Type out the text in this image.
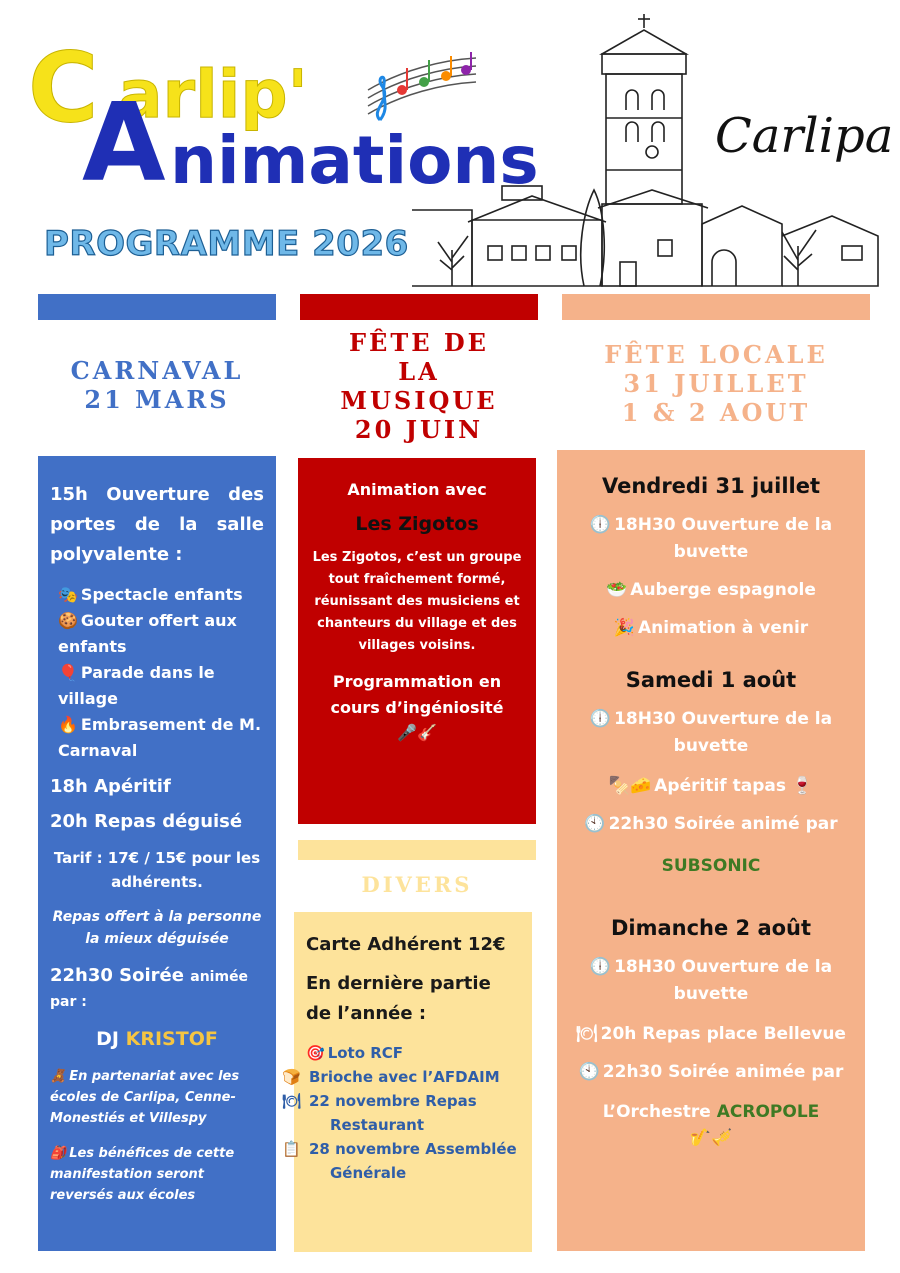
C arlip'
A nimations
PROGRAMME 2026
Carlipa
CARNAVAL
21 MARS
FÊTE DE
LA
MUSIQUE
20 JUIN
FÊTE LOCALE
31 JUILLET
1 & 2 AOUT

15h Ouverture des portes de la salle polyvalente :

🎭 Spectacle enfants
🍪 Gouter offert aux enfants
🎈 Parade dans le village
🔥 Embrasement de M. Carnaval

18h Apéritif

20h Repas déguisé

Tarif : 17€ / 15€ pour les adhérents.

Repas offert à la personne la mieux déguisée

22h30 Soirée animée
par :

DJ KRISTOF

🧸 En partenariat avec les écoles de Carlipa, Cenne-Monestiés et Villespy

🎒 Les bénéfices de cette manifestation seront reversés aux écoles

Animation avec

Les Zigotos

Les Zigotos, c’est un groupe tout fraîchement formé, réunissant des musiciens et chanteurs du village et des villages voisins.

Programmation en cours d’ingéniosité

🎤🎸

DIVERS

Carte Adhérent 12€

En dernière partie de l’année :

🎯 Loto RCF
🍞 Brioche avec l’AFDAIM
🍽 22 novembre Repas Restaurant
📋 28 novembre Assemblée Générale

Vendredi 31 juillet

🕕 18H30 Ouverture de la buvette

🥗 Auberge espagnole

🎉 Animation à venir

Samedi 1 août

🕕 18H30 Ouverture de la buvette

🍢🧀 Apéritif tapas 🍷

🕙 22h30 Soirée animé par

SUBSONIC

Dimanche 2 août

🕕 18H30 Ouverture de la buvette

🍽 20h Repas place Bellevue

🕙 22h30 Soirée animée par

L’Orchestre ACROPOLE

🎷🎺
